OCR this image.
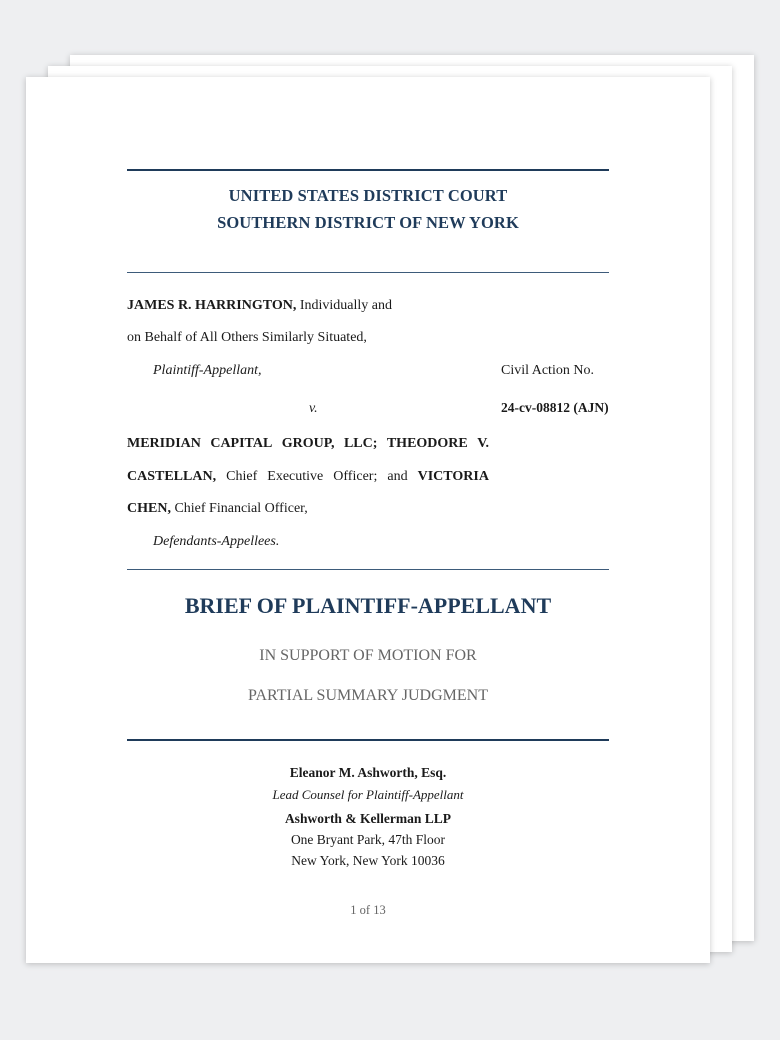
UNITED STATES DISTRICT COURT
SOUTHERN DISTRICT OF NEW YORK
JAMES R. HARRINGTON, Individually and
on Behalf of All Others Similarly Situated,
Plaintiff-Appellant,	Civil Action No.
v.	24-cv-08812 (AJN)
MERIDIAN CAPITAL GROUP, LLC; THEODORE V.
CASTELLAN, Chief Executive Officer; and VICTORIA
CHEN, Chief Financial Officer,
Defendants-Appellees.
BRIEF OF PLAINTIFF-APPELLANT
IN SUPPORT OF MOTION FOR
PARTIAL SUMMARY JUDGMENT
Eleanor M. Ashworth, Esq.
Lead Counsel for Plaintiff-Appellant
Ashworth & Kellerman LLP
One Bryant Park, 47th Floor
New York, New York 10036
1 of 13
